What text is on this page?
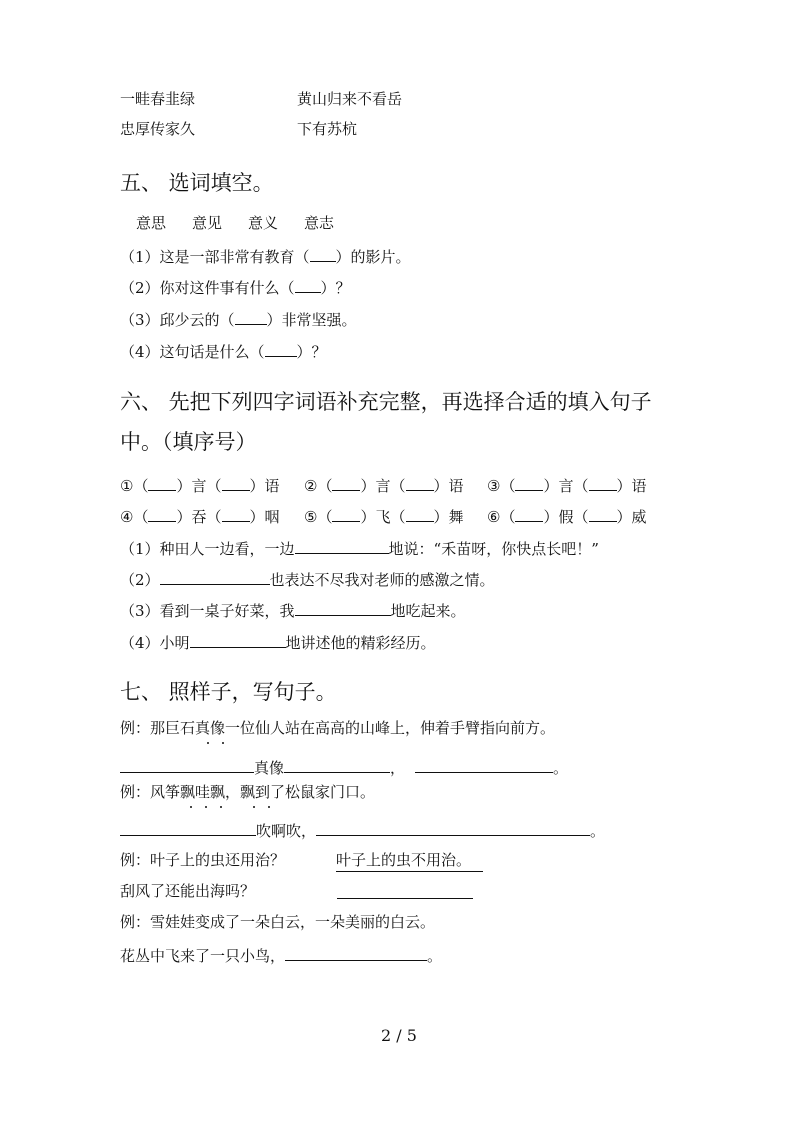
一畦春韭绿	黄山归来不看岳
忠厚传家久	下有苏杭
五、 选词填空。
意思 意见 意义 意志
（1）这是一部非常有教育（ ）的影片。
（2）你对这件事有什么（ ）？
（3）邱少云的（ ）非常坚强。
（4）这句话是什么（ ）？
六、 先把下列四字词语补充完整，再选择合适的填入句子
中。（填序号）
①（ ）言（ ）语 ②（ ）言（ ）语 ③（ ）言（ ）语
④（ ）吞（ ）咽 ⑤（ ）飞（ ）舞 ⑥（ ）假（ ）威
（1）种田人一边看，一边	地说：“禾苗呀，你快点长吧！”
（2）	也表达不尽我对老师的感激之情。
（3）看到一桌子好菜，我	地吃起来。
（4）小明	地讲述他的精彩经历。
七、 照样子，写句子。
例：那巨石真像一位仙人站在高高的山峰上，伸着手臂指向前方。
真像	，	。
例：风筝飘哇飘，飘到了松鼠家门口。
吹啊吹，	。
例：叶子上的虫还用治？	叶子上的虫不用治。
刮风了还能出海吗？
例：雪娃娃变成了一朵白云，一朵美丽的白云。
花丛中飞来了一只小鸟，	。
2 / 5
